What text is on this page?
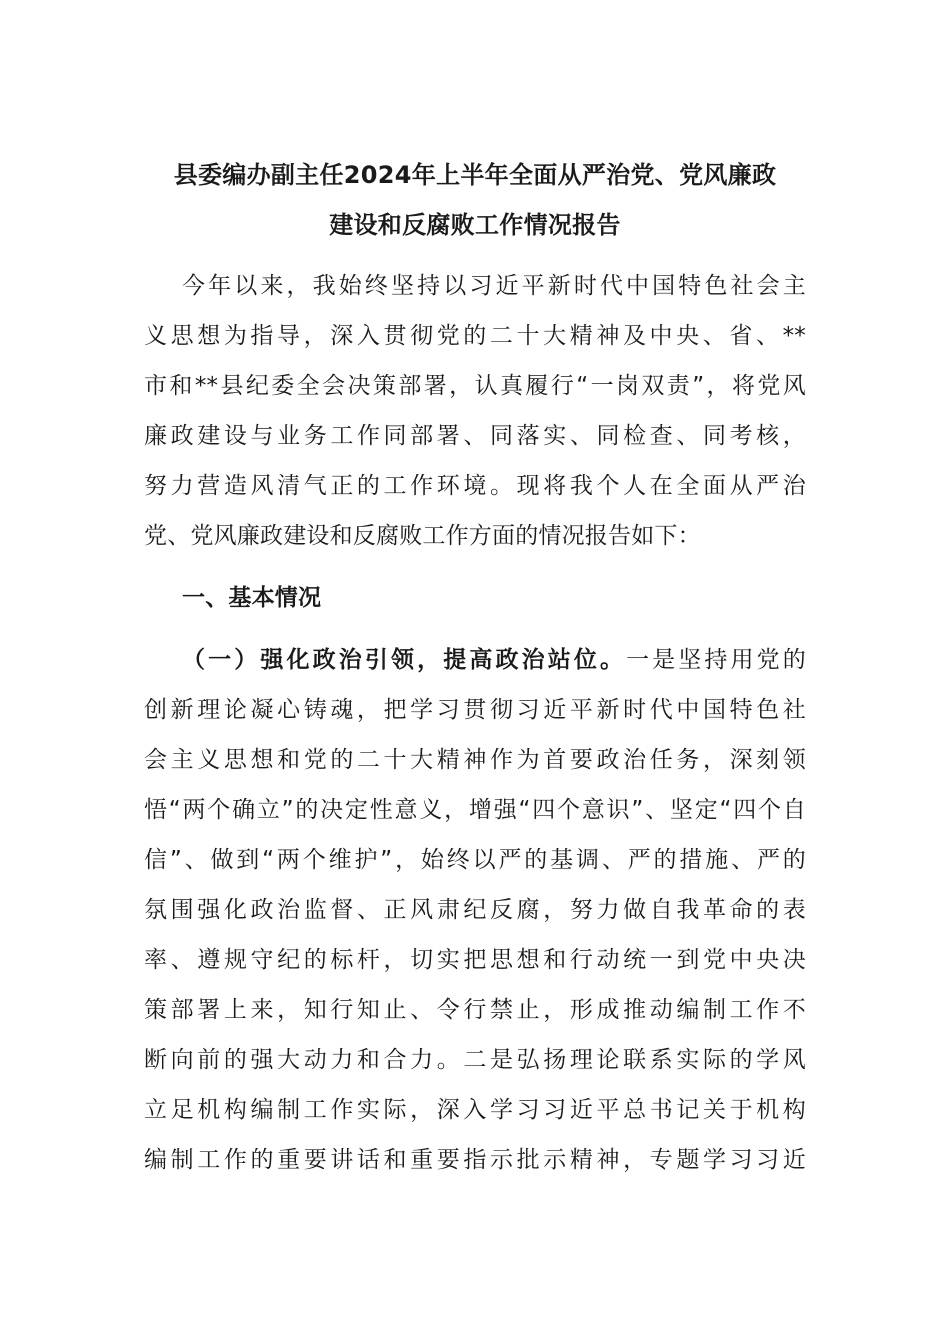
县委编办副主任2024年上半年全面从严治党、党风廉政
建设和反腐败工作情况报告
今年以来，我始终坚持以习近平新时代中国特色社会主
义思想为指导，深入贯彻党的二十大精神及中央、省、**
市和**县纪委全会决策部署，认真履行“一岗双责”，将党风
廉政建设与业务工作同部署、同落实、同检查、同考核，
努力营造风清气正的工作环境。现将我个人在全面从严治
党、党风廉政建设和反腐败工作方面的情况报告如下：
一、基本情况
（一）强化政治引领，提高政治站位。一是坚持用党的
创新理论凝心铸魂，把学习贯彻习近平新时代中国特色社
会主义思想和党的二十大精神作为首要政治任务，深刻领
悟“两个确立”的决定性意义，增强“四个意识”、坚定“四个自
信”、做到“两个维护”，始终以严的基调、严的措施、严的
氛围强化政治监督、正风肃纪反腐，努力做自我革命的表
率、遵规守纪的标杆，切实把思想和行动统一到党中央决
策部署上来，知行知止、令行禁止，形成推动编制工作不
断向前的强大动力和合力。二是弘扬理论联系实际的学风
立足机构编制工作实际，深入学习习近平总书记关于机构
编制工作的重要讲话和重要指示批示精神，专题学习习近
